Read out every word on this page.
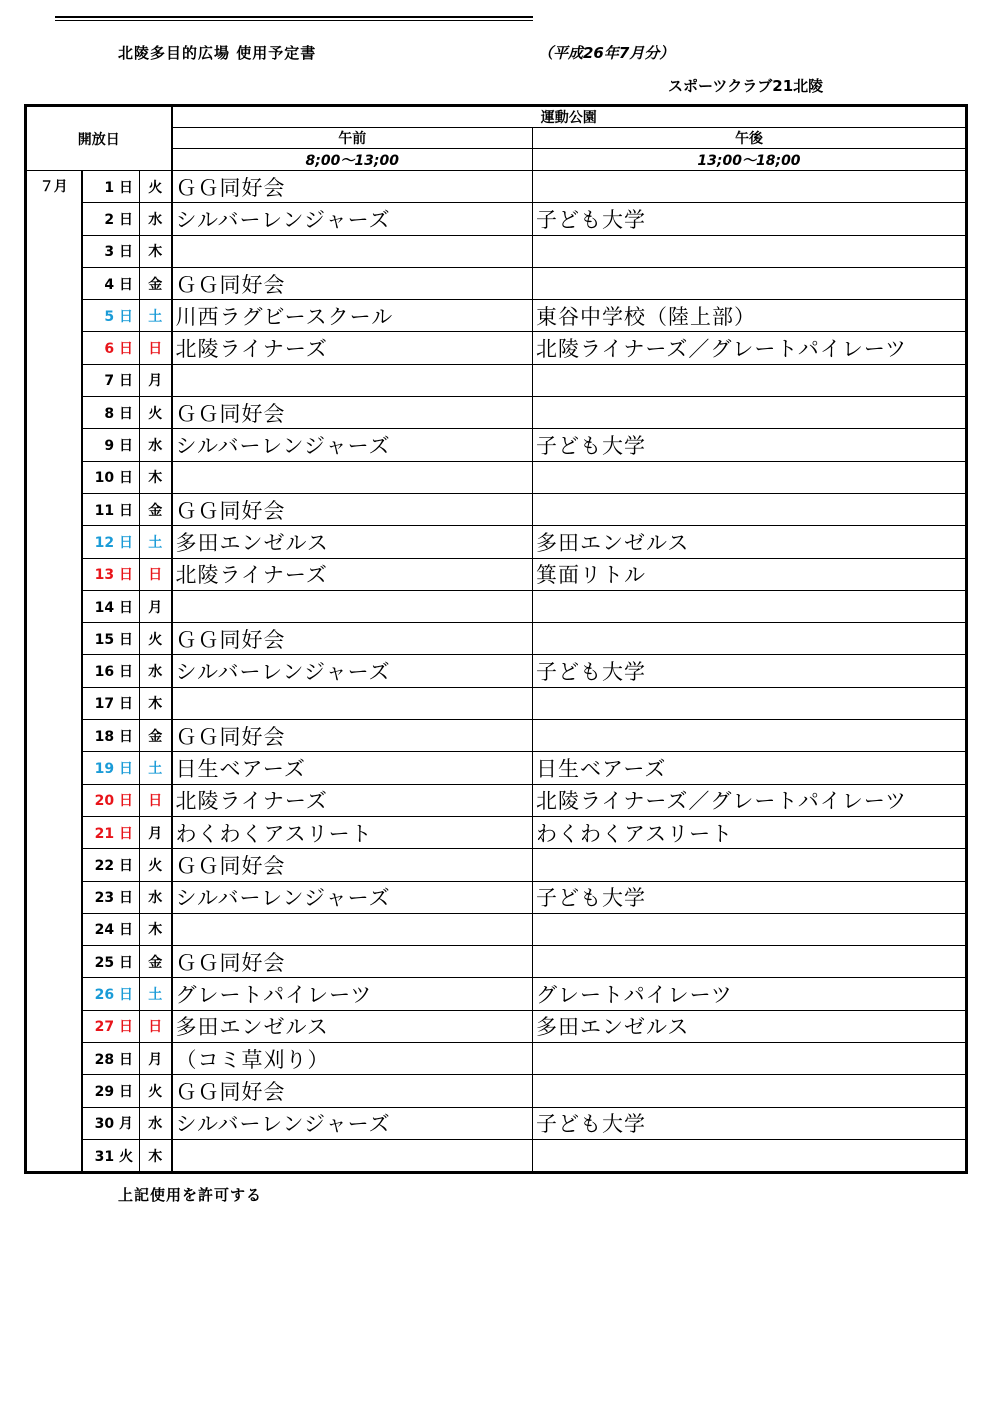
北陵多目的広場 使用予定書	（平成26年7月分）
スポーツクラブ21北陵
開放日			運動公園	
			午前	午後
			8;00～13;00	13;00～18;00
７月	1 日	火	ＧＧ同好会	
	2 日	水	シルバーレンジャーズ	子ども大学
	3 日	木		
	4 日	金	ＧＧ同好会	
	5 日	土	川西ラグビースクール	東谷中学校（陸上部）
	6 日	日	北陵ライナーズ	北陵ライナーズ／グレートパイレーツ
	7 日	月		
	8 日	火	ＧＧ同好会	
	9 日	水	シルバーレンジャーズ	子ども大学
	10 日	木		
	11 日	金	ＧＧ同好会	
	12 日	土	多田エンゼルス	多田エンゼルス
	13 日	日	北陵ライナーズ	箕面リトル
	14 日	月		
	15 日	火	ＧＧ同好会	
	16 日	水	シルバーレンジャーズ	子ども大学
	17 日	木		
	18 日	金	ＧＧ同好会	
	19 日	土	日生ベアーズ	日生ベアーズ
	20 日	日	北陵ライナーズ	北陵ライナーズ／グレートパイレーツ
	21 日	月	わくわくアスリート	わくわくアスリート
	22 日	火	ＧＧ同好会	
	23 日	水	シルバーレンジャーズ	子ども大学
	24 日	木		
	25 日	金	ＧＧ同好会	
	26 日	土	グレートパイレーツ	グレートパイレーツ
	27 日	日	多田エンゼルス	多田エンゼルス
	28 日	月	（コミ草刈り）	
	29 日	火	ＧＧ同好会	
	30 月	水	シルバーレンジャーズ	子ども大学
	31 火	木		
上記使用を許可する
